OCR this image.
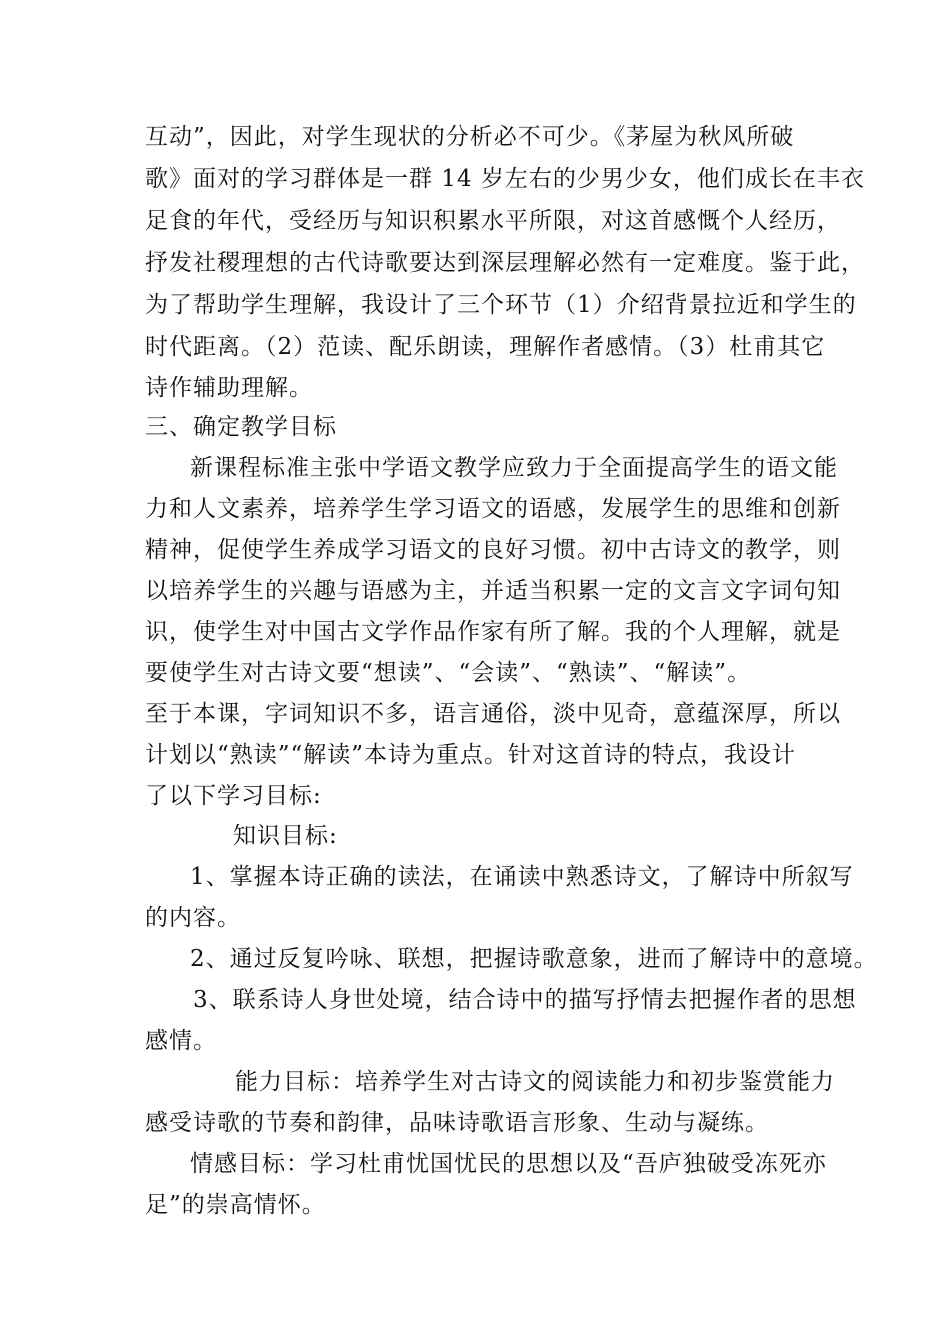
互动”，因此，对学生现状的分析必不可少。《茅屋为秋风所破
歌》面对的学习群体是一群 14 岁左右的少男少女，他们成长在丰衣
足食的年代，受经历与知识积累水平所限，对这首感慨个人经历，
抒发社稷理想的古代诗歌要达到深层理解必然有一定难度。鉴于此，
为了帮助学生理解，我设计了三个环节（1）介绍背景拉近和学生的
时代距离。（2）范读、配乐朗读，理解作者感情。（3）杜甫其它
诗作辅助理解。
三、确定教学目标
新课程标准主张中学语文教学应致力于全面提高学生的语文能
力和人文素养，培养学生学习语文的语感，发展学生的思维和创新
精神，促使学生养成学习语文的良好习惯。初中古诗文的教学，则
以培养学生的兴趣与语感为主，并适当积累一定的文言文字词句知
识，使学生对中国古文学作品作家有所了解。我的个人理解，就是
要使学生对古诗文要“想读”、“会读”、“熟读”、“解读”。
至于本课，字词知识不多，语言通俗，淡中见奇，意蕴深厚，所以
计划以“熟读”“解读”本诗为重点。针对这首诗的特点，我设计
了以下学习目标:
知识目标:
1、掌握本诗正确的读法，在诵读中熟悉诗文，了解诗中所叙写
的内容。
2、通过反复吟咏、联想，把握诗歌意象，进而了解诗中的意境。
3、联系诗人身世处境，结合诗中的描写抒情去把握作者的思想
感情。
能力目标：培养学生对古诗文的阅读能力和初步鉴赏能力
感受诗歌的节奏和韵律，品味诗歌语言形象、生动与凝练。
情感目标：学习杜甫忧国忧民的思想以及“吾庐独破受冻死亦
足”的崇高情怀。
